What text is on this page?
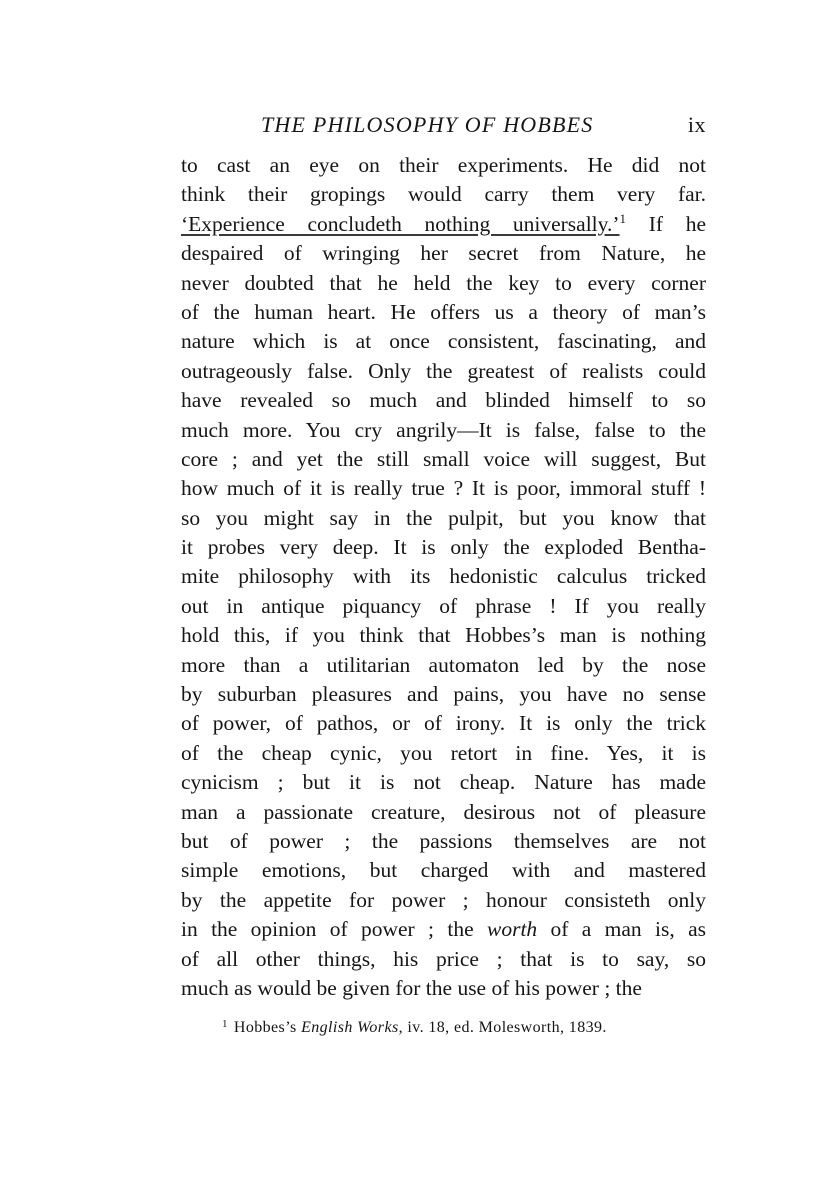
THE PHILOSOPHY OF HOBBES	ix
to cast an eye on their experiments. He did not
think their gropings would carry them very far.
‘Experience concludeth nothing universally.’$^1$ If he
despaired of wringing her secret from Nature, he
never doubted that he held the key to every corner
of the human heart. He offers us a theory of man’s
nature which is at once consistent, fascinating, and
outrageously false. Only the greatest of realists could
have revealed so much and blinded himself to so
much more. You cry angrily—It is false, false to the
core ; and yet the still small voice will suggest, But
how much of it is really true ? It is poor, immoral stuff !
so you might say in the pulpit, but you know that
it probes very deep. It is only the exploded Bentha-
mite philosophy with its hedonistic calculus tricked
out in antique piquancy of phrase ! If you really
hold this, if you think that Hobbes’s man is nothing
more than a utilitarian automaton led by the nose
by suburban pleasures and pains, you have no sense
of power, of pathos, or of irony. It is only the trick
of the cheap cynic, you retort in fine. Yes, it is
cynicism ; but it is not cheap. Nature has made
man a passionate creature, desirous not of pleasure
but of power ; the passions themselves are not
simple emotions, but charged with and mastered
by the appetite for power ; honour consisteth only
in the opinion of power ; the worth of a man is, as
of all other things, his price ; that is to say, so
much as would be given for the use of his power ; the
$^1$ Hobbes’s English Works, iv. 18, ed. Molesworth, 1839.
